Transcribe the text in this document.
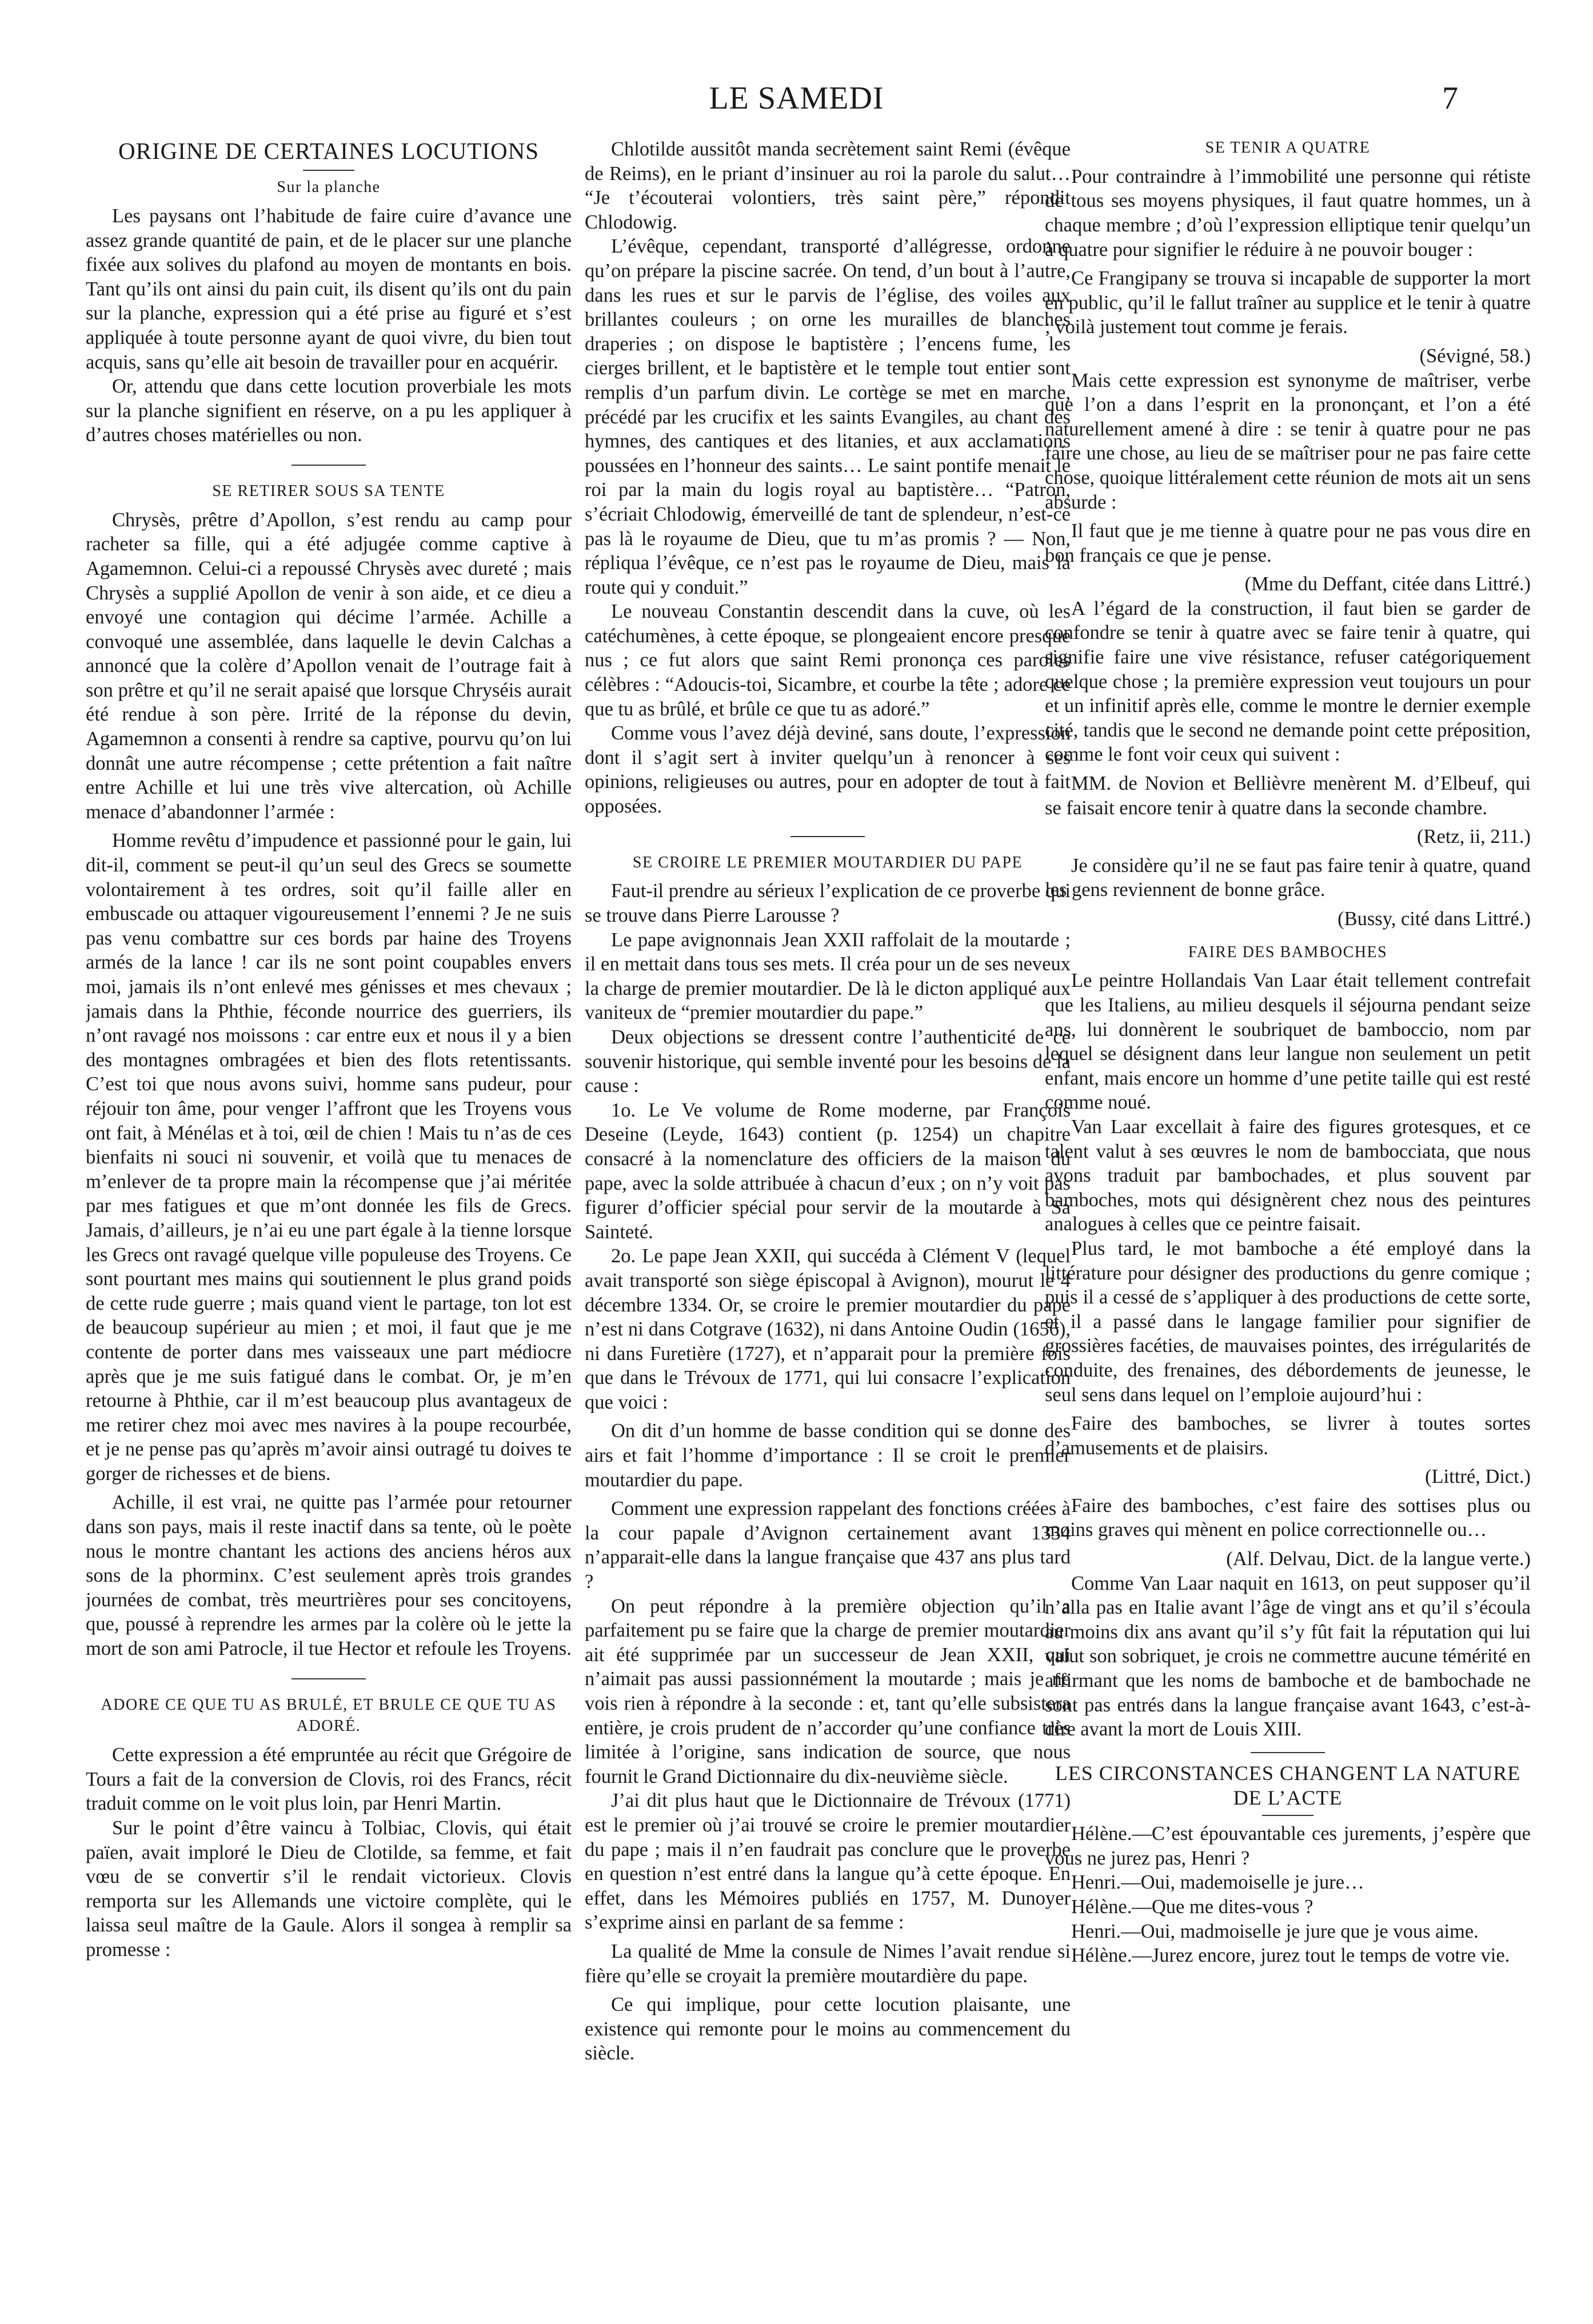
LE SAMEDI	7
ORIGINE DE CERTAINES LOCUTIONS
Sur la planche

Les paysans ont l’habitude de faire cuire d’avance une assez grande quantité de pain, et de le placer sur une planche fixée aux solives du plafond au moyen de montants en bois. Tant qu’ils ont ainsi du pain cuit, ils disent qu’ils ont du pain sur la planche, expression qui a été prise au figuré et s’est appliquée à toute personne ayant de quoi vivre, du bien tout acquis, sans qu’elle ait besoin de travailler pour en acquérir.

Or, attendu que dans cette locution proverbiale les mots sur la planche signifient en réserve, on a pu les appliquer à d’autres choses matérielles ou non.

SE RETIRER SOUS SA TENTE

Chrysès, prêtre d’Apollon, s’est rendu au camp pour racheter sa fille, qui a été adjugée comme captive à Agamemnon. Celui-ci a repoussé Chrysès avec dureté ; mais Chrysès a supplié Apollon de venir à son aide, et ce dieu a envoyé une contagion qui décime l’armée. Achille a convoqué une assemblée, dans laquelle le devin Calchas a annoncé que la colère d’Apollon venait de l’outrage fait à son prêtre et qu’il ne serait apaisé que lorsque Chryséis aurait été rendue à son père. Irrité de la réponse du devin, Agamemnon a consenti à rendre sa captive, pourvu qu’on lui donnât une autre récompense ; cette prétention a fait naître entre Achille et lui une très vive altercation, où Achille menace d’abandonner l’armée :

Homme revêtu d’impudence et passionné pour le gain, lui dit-il, comment se peut-il qu’un seul des Grecs se soumette volontairement à tes ordres, soit qu’il faille aller en embuscade ou attaquer vigoureusement l’ennemi ? Je ne suis pas venu combattre sur ces bords par haine des Troyens armés de la lance ! car ils ne sont point coupables envers moi, jamais ils n’ont enlevé mes génisses et mes chevaux ; jamais dans la Phthie, féconde nourrice des guerriers, ils n’ont ravagé nos moissons : car entre eux et nous il y a bien des montagnes ombragées et bien des flots retentissants. C’est toi que nous avons suivi, homme sans pudeur, pour réjouir ton âme, pour venger l’affront que les Troyens vous ont fait, à Ménélas et à toi, œil de chien ! Mais tu n’as de ces bienfaits ni souci ni souvenir, et voilà que tu menaces de m’enlever de ta propre main la récompense que j’ai méritée par mes fatigues et que m’ont donnée les fils de Grecs. Jamais, d’ailleurs, je n’ai eu une part égale à la tienne lorsque les Grecs ont ravagé quelque ville populeuse des Troyens. Ce sont pourtant mes mains qui soutiennent le plus grand poids de cette rude guerre ; mais quand vient le partage, ton lot est de beaucoup supérieur au mien ; et moi, il faut que je me contente de porter dans mes vaisseaux une part médiocre après que je me suis fatigué dans le combat. Or, je m’en retourne à Phthie, car il m’est beaucoup plus avantageux de me retirer chez moi avec mes navires à la poupe recourbée, et je ne pense pas qu’après m’avoir ainsi outragé tu doives te gorger de richesses et de biens.

Achille, il est vrai, ne quitte pas l’armée pour retourner dans son pays, mais il reste inactif dans sa tente, où le poète nous le montre chantant les actions des anciens héros aux sons de la phorminx. C’est seulement après trois grandes journées de combat, très meurtrières pour ses concitoyens, que, poussé à reprendre les armes par la colère où le jette la mort de son ami Patrocle, il tue Hector et refoule les Troyens.

ADORE CE QUE TU AS BRULÉ, ET BRULE CE QUE TU AS ADORÉ.

Cette expression a été empruntée au récit que Grégoire de Tours a fait de la conversion de Clovis, roi des Francs, récit traduit comme on le voit plus loin, par Henri Martin.

Sur le point d’être vaincu à Tolbiac, Clovis, qui était païen, avait imploré le Dieu de Clotilde, sa femme, et fait vœu de se convertir s’il le rendait victorieux. Clovis remporta sur les Allemands une victoire complète, qui le laissa seul maître de la Gaule. Alors il songea à remplir sa promesse :

Chlotilde aussitôt manda secrètement saint Remi (évêque de Reims), en le priant d’insinuer au roi la parole du salut… “Je t’écouterai volontiers, très saint père,” répondit Chlodowig.

L’évêque, cependant, transporté d’allégresse, ordonne qu’on prépare la piscine sacrée. On tend, d’un bout à l’autre, dans les rues et sur le parvis de l’église, des voiles aux brillantes couleurs ; on orne les murailles de blanches draperies ; on dispose le baptistère ; l’encens fume, les cierges brillent, et le baptistère et le temple tout entier sont remplis d’un parfum divin. Le cortège se met en marche, précédé par les crucifix et les saints Evangiles, au chant des hymnes, des cantiques et des litanies, et aux acclamations poussées en l’honneur des saints… Le saint pontife menait le roi par la main du logis royal au baptistère… “Patron, s’écriait Chlodowig, émerveillé de tant de splendeur, n’est-ce pas là le royaume de Dieu, que tu m’as promis ? — Non, répliqua l’évêque, ce n’est pas le royaume de Dieu, mais la route qui y conduit.”

Le nouveau Constantin descendit dans la cuve, où les catéchumènes, à cette époque, se plongeaient encore presque nus ; ce fut alors que saint Remi prononça ces paroles célèbres : “Adoucis-toi, Sicambre, et courbe la tête ; adore ce que tu as brûlé, et brûle ce que tu as adoré.”

Comme vous l’avez déjà deviné, sans doute, l’expression dont il s’agit sert à inviter quelqu’un à renoncer à ses opinions, religieuses ou autres, pour en adopter de tout à fait opposées.

SE CROIRE LE PREMIER MOUTARDIER DU PAPE

Faut-il prendre au sérieux l’explication de ce proverbe qui se trouve dans Pierre Larousse ?

Le pape avignonnais Jean XXII raffolait de la moutarde ; il en mettait dans tous ses mets. Il créa pour un de ses neveux la charge de premier moutardier. De là le dicton appliqué aux vaniteux de “premier moutardier du pape.”

Deux objections se dressent contre l’authenticité de ce souvenir historique, qui semble inventé pour les besoins de la cause :

1o. Le Ve volume de Rome moderne, par François Deseine (Leyde, 1643) contient (p. 1254) un chapitre consacré à la nomenclature des officiers de la maison du pape, avec la solde attribuée à chacun d’eux ; on n’y voit pas figurer d’officier spécial pour servir de la moutarde à Sa Sainteté.

2o. Le pape Jean XXII, qui succéda à Clément V (lequel avait transporté son siège épiscopal à Avignon), mourut le 4 décembre 1334. Or, se croire le premier moutardier du pape n’est ni dans Cotgrave (1632), ni dans Antoine Oudin (1656), ni dans Furetière (1727), et n’apparait pour la première fois que dans le Trévoux de 1771, qui lui consacre l’explication que voici :

On dit d’un homme de basse condition qui se donne des airs et fait l’homme d’importance : Il se croit le premier moutardier du pape.

Comment une expression rappelant des fonctions créées à la cour papale d’Avignon certainement avant 1334 n’apparait-elle dans la langue française que 437 ans plus tard ?

On peut répondre à la première objection qu’il a parfaitement pu se faire que la charge de premier moutardier ait été supprimée par un successeur de Jean XXII, qui n’aimait pas aussi passionnément la moutarde ; mais je ne vois rien à répondre à la seconde : et, tant qu’elle subsistera entière, je crois prudent de n’accorder qu’une confiance très limitée à l’origine, sans indication de source, que nous fournit le Grand Dictionnaire du dix-neuvième siècle.

J’ai dit plus haut que le Dictionnaire de Trévoux (1771) est le premier où j’ai trouvé se croire le premier moutardier du pape ; mais il n’en faudrait pas conclure que le proverbe en question n’est entré dans la langue qu’à cette époque. En effet, dans les Mémoires publiés en 1757, M. Dunoyer s’exprime ainsi en parlant de sa femme :

La qualité de Mme la consule de Nimes l’avait rendue si fière qu’elle se croyait la première moutardière du pape.

Ce qui implique, pour cette locution plaisante, une existence qui remonte pour le moins au commencement du siècle.

SE TENIR A QUATRE

Pour contraindre à l’immobilité une personne qui rétiste de tous ses moyens physiques, il faut quatre hommes, un à chaque membre ; d’où l’expression elliptique tenir quelqu’un à quatre pour signifier le réduire à ne pouvoir bouger :

Ce Frangipany se trouva si incapable de supporter la mort en public, qu’il le fallut traîner au supplice et le tenir à quatre ; voilà justement tout comme je ferais.

(Sévigné, 58.)

Mais cette expression est synonyme de maîtriser, verbe que l’on a dans l’esprit en la prononçant, et l’on a été naturellement amené à dire : se tenir à quatre pour ne pas faire une chose, au lieu de se maîtriser pour ne pas faire cette chose, quoique littéralement cette réunion de mots ait un sens absurde :

Il faut que je me tienne à quatre pour ne pas vous dire en bon français ce que je pense.

(Mme du Deffant, citée dans Littré.)

A l’égard de la construction, il faut bien se garder de confondre se tenir à quatre avec se faire tenir à quatre, qui signifie faire une vive résistance, refuser catégoriquement quelque chose ; la première expression veut toujours un pour et un infinitif après elle, comme le montre le dernier exemple cité, tandis que le second ne demande point cette préposition, comme le font voir ceux qui suivent :

MM. de Novion et Bellièvre menèrent M. d’Elbeuf, qui se faisait encore tenir à quatre dans la seconde chambre.

(Retz, ii, 211.)

Je considère qu’il ne se faut pas faire tenir à quatre, quand les gens reviennent de bonne grâce.

(Bussy, cité dans Littré.)

FAIRE DES BAMBOCHES

Le peintre Hollandais Van Laar était tellement contrefait que les Italiens, au milieu desquels il séjourna pendant seize ans, lui donnèrent le soubriquet de bamboccio, nom par lequel se désignent dans leur langue non seulement un petit enfant, mais encore un homme d’une petite taille qui est resté comme noué.

Van Laar excellait à faire des figures grotesques, et ce talent valut à ses œuvres le nom de bambocciata, que nous avons traduit par bambochades, et plus souvent par bamboches, mots qui désignèrent chez nous des peintures analogues à celles que ce peintre faisait.

Plus tard, le mot bamboche a été employé dans la littérature pour désigner des productions du genre comique ; puis il a cessé de s’appliquer à des productions de cette sorte, et il a passé dans le langage familier pour signifier de grossières facéties, de mauvaises pointes, des irrégularités de conduite, des frenaines, des débordements de jeunesse, le seul sens dans lequel on l’emploie aujourd’hui :

Faire des bamboches, se livrer à toutes sortes d’amusements et de plaisirs.

(Littré, Dict.)

Faire des bamboches, c’est faire des sottises plus ou moins graves qui mènent en police correctionnelle ou…

(Alf. Delvau, Dict. de la langue verte.)

Comme Van Laar naquit en 1613, on peut supposer qu’il n’alla pas en Italie avant l’âge de vingt ans et qu’il s’écoula au moins dix ans avant qu’il s’y fût fait la réputation qui lui valut son sobriquet, je crois ne commettre aucune témérité en affirmant que les noms de bamboche et de bambochade ne sont pas entrés dans la langue française avant 1643, c’est-à-dire avant la mort de Louis XIII.

LES CIRCONSTANCES CHANGENT LA NATURE DE L’ACTE

Hélène.—C’est épouvantable ces jurements, j’espère que vous ne jurez pas, Henri ?

Henri.—Oui, mademoiselle je jure…

Hélène.—Que me dites-vous ?

Henri.—Oui, madmoiselle je jure que je vous aime.

Hélène.—Jurez encore, jurez tout le temps de votre vie.
